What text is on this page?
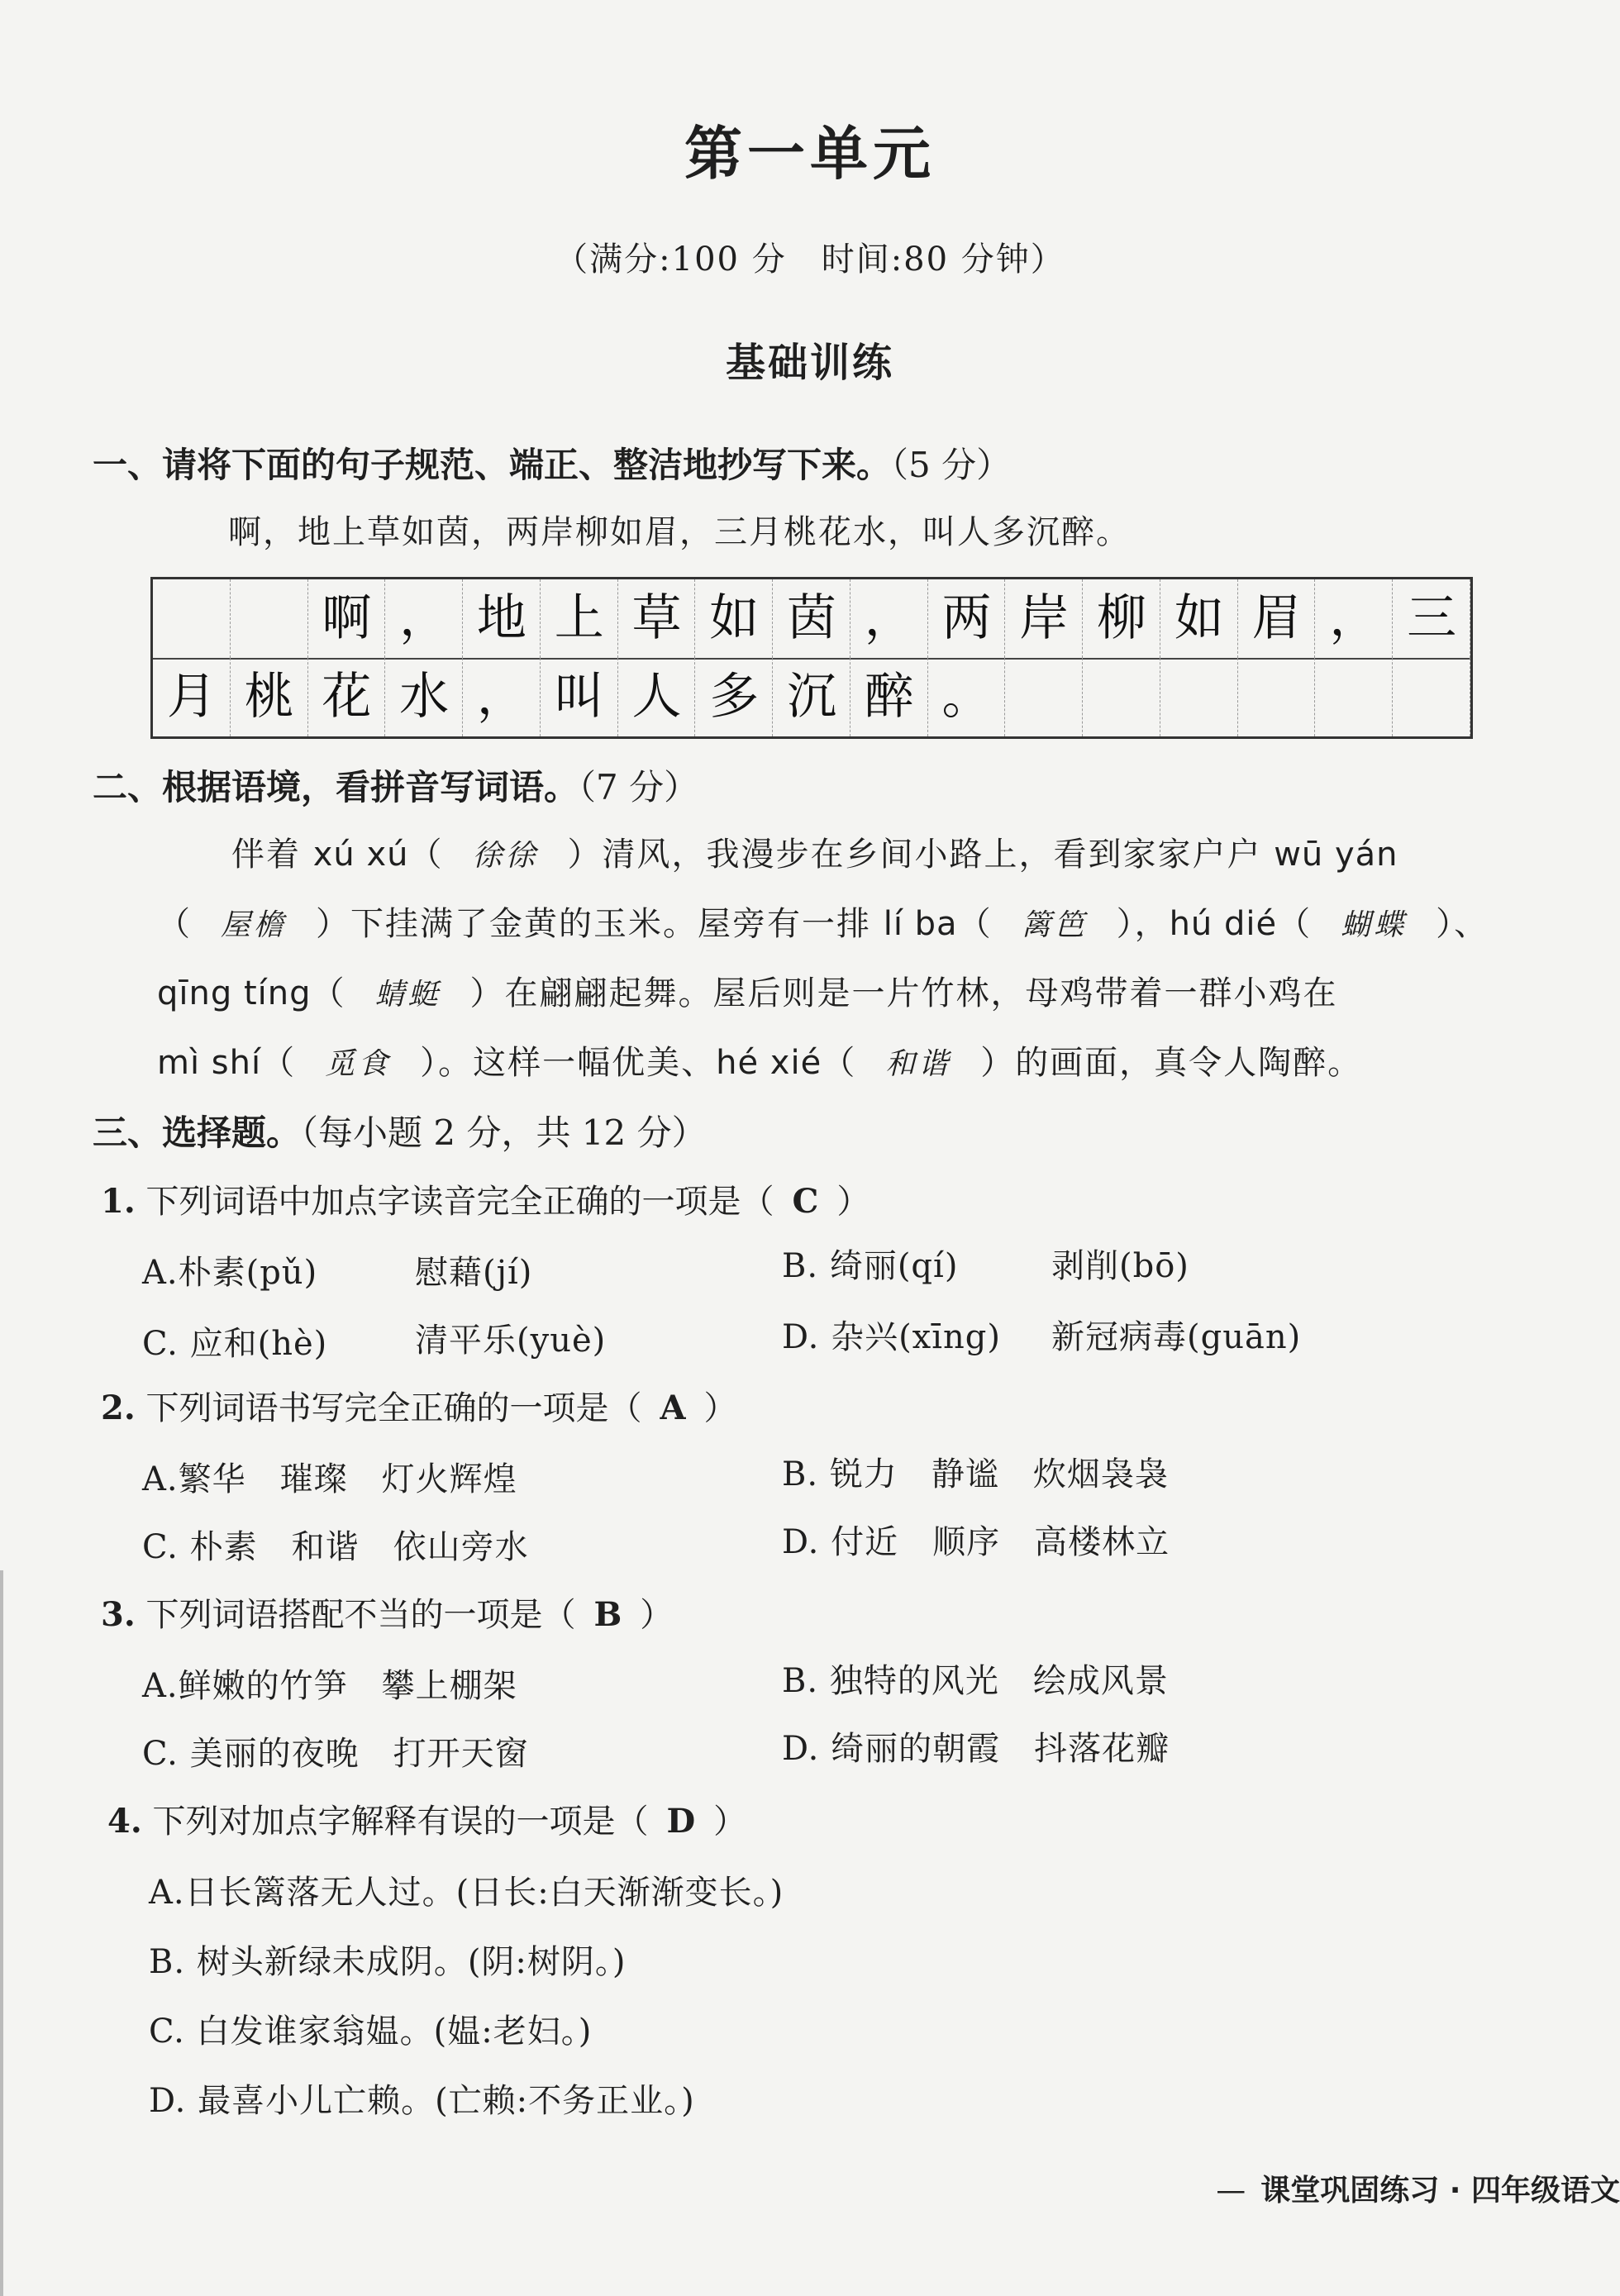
第一单元
（满分:100 分　时间:80 分钟）
基础训练
一、请将下面的句子规范、端正、整洁地抄写下来。（5 分）
啊，地上草如茵，两岸柳如眉，三月桃花水，叫人多沉醉。
啊 ， 地 上 草 如 茵 ， 两 岸 柳 如 眉 ， 三
月 桃 花 水 ， 叫 人 多 沉 醉 。
二、根据语境，看拼音写词语。（7 分）
伴着 xú xú（ 徐徐 ）清风，我漫步在乡间小路上，看到家家户户 wū yán
（ 屋檐 ）下挂满了金黄的玉米。屋旁有一排 lí ba（ 篱笆 ），hú dié（ 蝴蝶 ）、
qīng tíng（ 蜻蜓 ）在翩翩起舞。屋后则是一片竹林，母鸡带着一群小鸡在
mì shí（ 觅食 ）。这样一幅优美、hé xié（ 和谐 ）的画面，真令人陶醉。
三、选择题。（每小题 2 分，共 12 分）
1. 下列词语中加点字读音完全正确的一项是（ C ）
A.朴素(pǔ)	慰藉(jí)	B. 绮丽(qí)	剥削(bō)
C. 应和(hè)	清平乐(yuè)	D. 杂兴(xīng) 新冠病毒(guān)
2. 下列词语书写完全正确的一项是（ A ）
A.繁华　璀璨　灯火辉煌	B. 锐力　静谧　炊烟袅袅
C. 朴素　和谐　依山旁水	D. 付近　顺序　高楼林立
3. 下列词语搭配不当的一项是（ B ）
A.鲜嫩的竹笋　攀上棚架	B. 独特的风光　绘成风景
C. 美丽的夜晚　打开天窗	D. 绮丽的朝霞　抖落花瓣
4. 下列对加点字解释有误的一项是（ D ）
A.日长篱落无人过。(日长:白天渐渐变长。)
B. 树头新绿未成阴。(阴:树阴。)
C. 白发谁家翁媪。(媪:老妇。)
D. 最喜小儿亡赖。(亡赖:不务正业。)
— 课堂巩固练习 · 四年级语文
